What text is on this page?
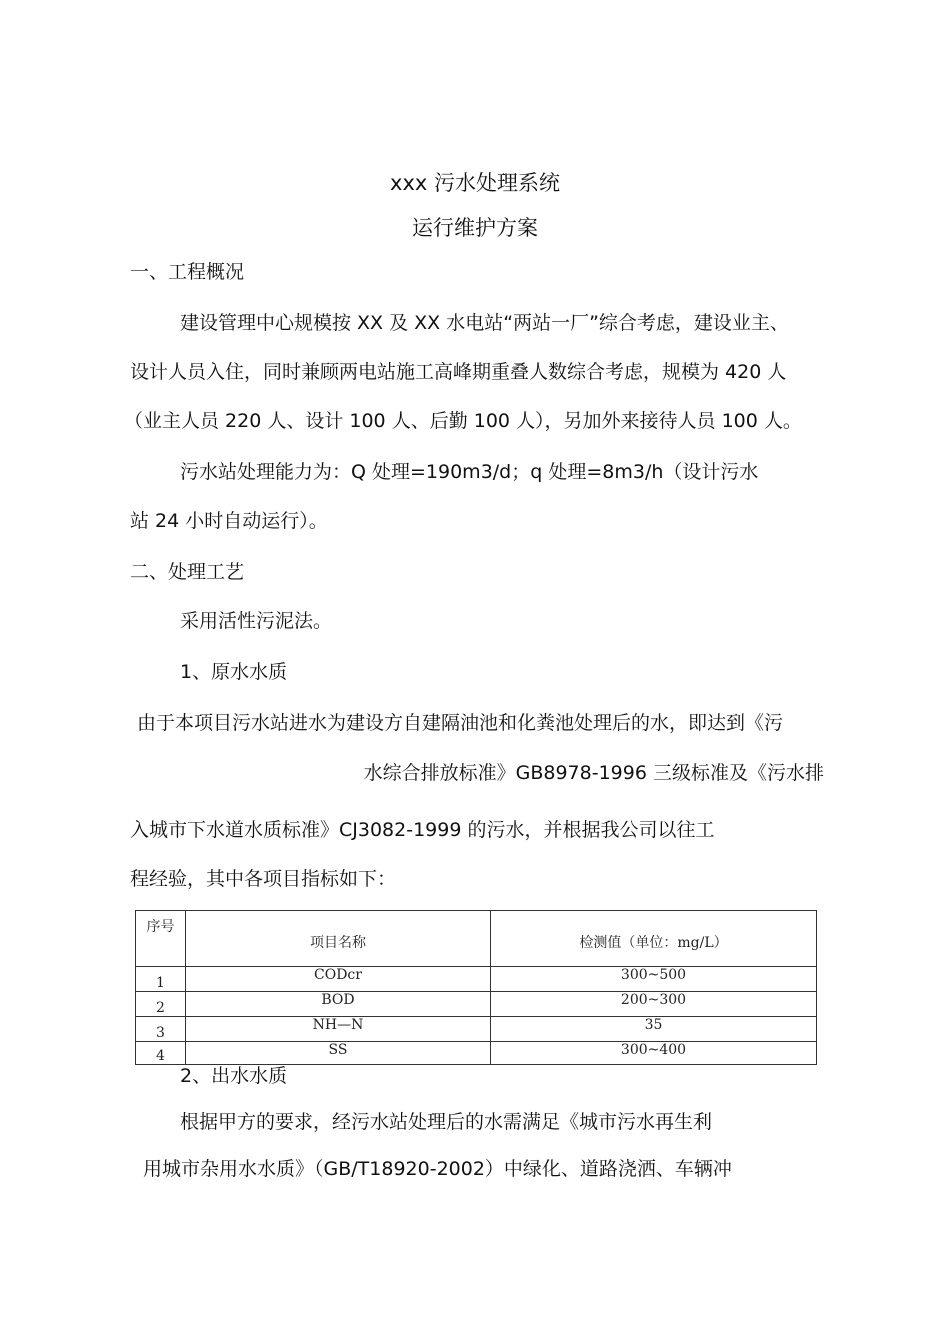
xxx 污水处理系统
运行维护方案
一、工程概况
建设管理中心规模按 XX 及 XX 水电站“两站一厂”综合考虑，建设业主、
设计人员入住，同时兼顾两电站施工高峰期重叠人数综合考虑，规模为 420 人
（业主人员 220 人、设计 100 人、后勤 100 人），另加外来接待人员 100 人。
污水站处理能力为：Q 处理=190m3/d；q 处理=8m3/h（设计污水
站 24 小时自动运行）。
二、处理工艺
采用活性污泥法。
1、原水水质
由于本项目污水站进水为建设方自建隔油池和化粪池处理后的水，即达到《污
水综合排放标准》GB8978-1996 三级标准及《污水排
入城市下水道水质标准》CJ3082-1999 的污水，并根据我公司以往工
程经验，其中各项目指标如下：
序号	项目名称	检测值（单位：mg/L）
1	CODcr	300~500
2	BOD	200~300
3	NH—N	35
4	SS	300~400
2、出水水质
根据甲方的要求，经污水站处理后的水需满足《城市污水再生利
用城市杂用水水质》（GB/T18920-2002）中绿化、道路浇洒、车辆冲
